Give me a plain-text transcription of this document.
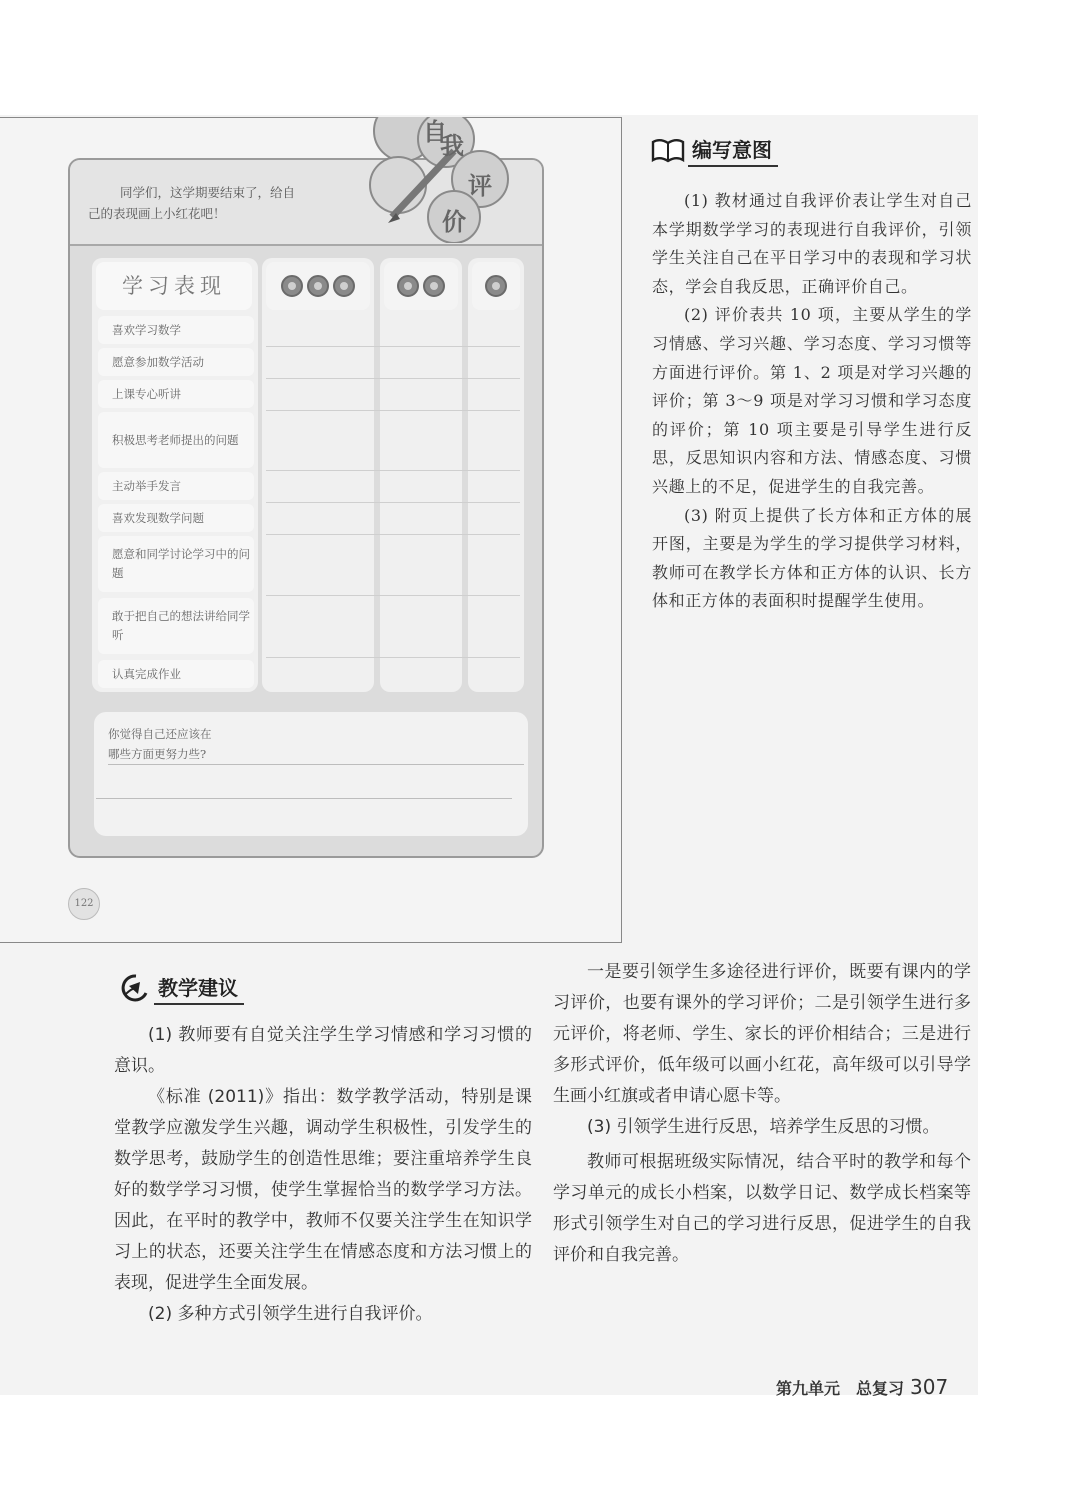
同学们，这学期要结束了，给自
己的表现画上小红花吧！
自
我
评
价
学习表现
喜欢学习数学
愿意参加数学活动
上课专心听讲
积极思考老师提出的问题
主动举手发言
喜欢发现数学问题
愿意和同学讨论学习中的问题
敢于把自己的想法讲给同学听
认真完成作业
你觉得自己还应该在
哪些方面更努力些?
122
编写意图

(1) 教材通过自我评价表让学生对自己本学期数学学习的表现进行自我评价，引领学生关注自己在平日学习中的表现和学习状态，学会自我反思，正确评价自己。

(2) 评价表共 10 项，主要从学生的学习情感、学习兴趣、学习态度、学习习惯等方面进行评价。第 1、2 项是对学习兴趣的评价；第 3～9 项是对学习习惯和学习态度的评价；第 10 项主要是引导学生进行反思，反思知识内容和方法、情感态度、习惯兴趣上的不足，促进学生的自我完善。

(3) 附页上提供了长方体和正方体的展开图，主要是为学生的学习提供学习材料，教师可在教学长方体和正方体的认识、长方体和正方体的表面积时提醒学生使用。

教学建议

(1) 教师要有自觉关注学生学习情感和学习习惯的意识。

《标准 (2011)》指出：数学教学活动，特别是课堂教学应激发学生兴趣，调动学生积极性，引发学生的数学思考，鼓励学生的创造性思维；要注重培养学生良好的数学学习习惯，使学生掌握恰当的数学学习方法。因此，在平时的教学中，教师不仅要关注学生在知识学习上的状态，还要关注学生在情感态度和方法习惯上的表现，促进学生全面发展。

(2) 多种方式引领学生进行自我评价。

一是要引领学生多途径进行评价，既要有课内的学习评价，也要有课外的学习评价；二是引领学生进行多元评价，将老师、学生、家长的评价相结合；三是进行多形式评价，低年级可以画小红花，高年级可以引导学生画小红旗或者申请心愿卡等。

(3) 引领学生进行反思，培养学生反思的习惯。

教师可根据班级实际情况，结合平时的教学和每个学习单元的成长小档案，以数学日记、数学成长档案等形式引领学生对自己的学习进行反思，促进学生的自我评价和自我完善。

第九单元　总复习 307
